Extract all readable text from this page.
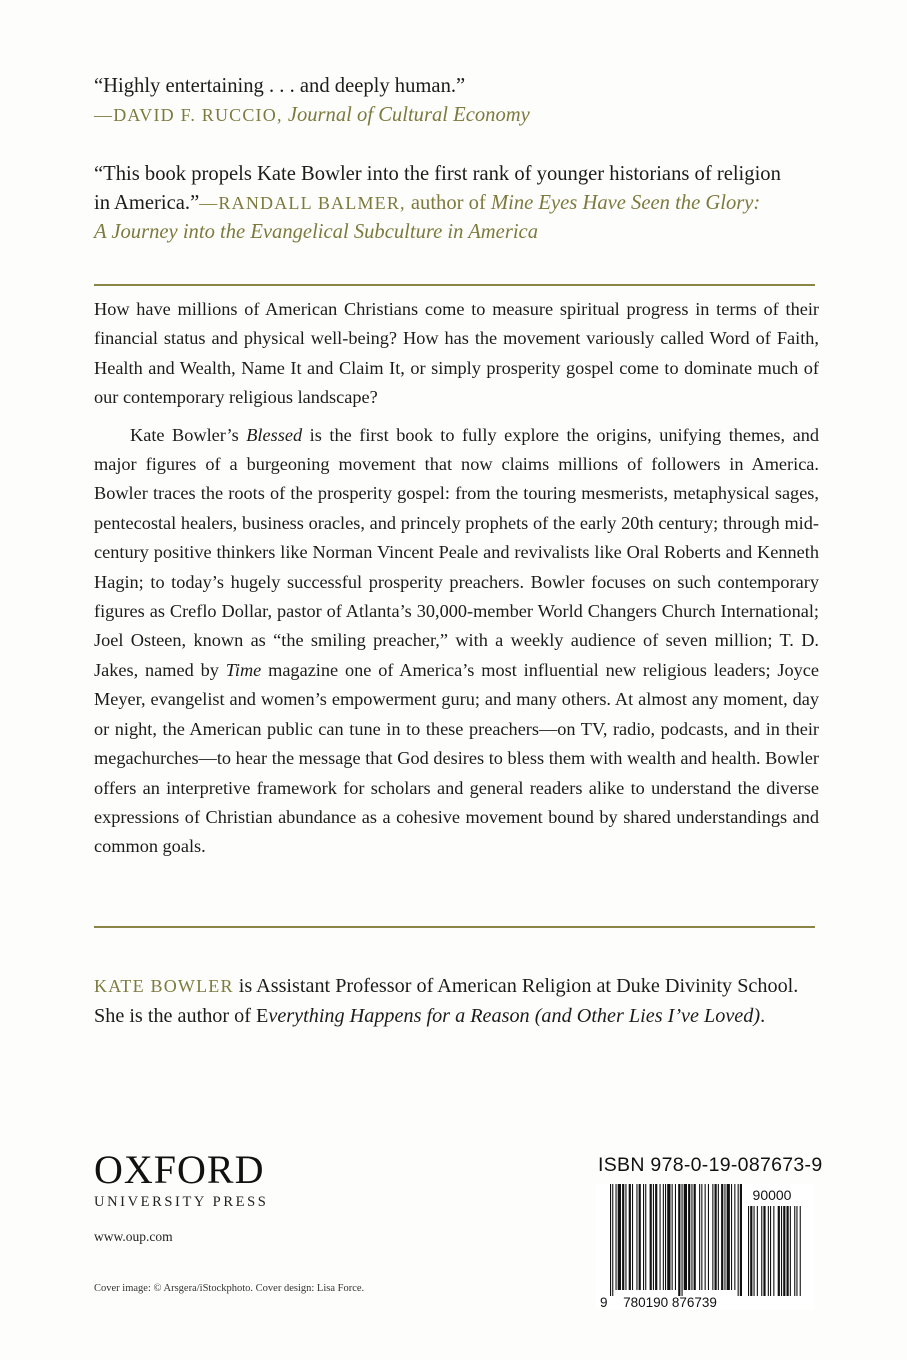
“Highly entertaining . . . and deeply human.”

—DAVID F. RUCCIO, Journal of Cultural Economy

“This book propels Kate Bowler into the first rank of younger historians of religion

in America.”—RANDALL BALMER, author of Mine Eyes Have Seen the Glory:

A Journey into the Evangelical Subculture in America

How have millions of American Christians come to measure spiritual progress in terms of their financial status and physical well-being? How has the movement variously called Word of Faith, Health and Wealth, Name It and Claim It, or simply prosperity gospel come to dominate much of our contemporary religious landscape?

Kate Bowler’s Blessed is the first book to fully explore the origins, unifying themes, and major figures of a burgeoning movement that now claims millions of followers in America. Bowler traces the roots of the prosperity gospel: from the touring mesmerists, metaphysical sages, pentecostal healers, business oracles, and princely prophets of the early 20th century; through mid-century positive thinkers like Norman Vincent Peale and revivalists like Oral Roberts and Kenneth Hagin; to today’s hugely successful prosperity preachers. Bowler focuses on such contemporary figures as Creflo Dollar, pastor of Atlanta’s 30,000-member World Changers Church International; Joel Osteen, known as “the smiling preacher,” with a weekly audience of seven million; T. D. Jakes, named by Time magazine one of America’s most influential new religious leaders; Joyce Meyer, evangelist and women’s empowerment guru; and many others. At almost any moment, day or night, the American public can tune in to these preachers—on TV, radio, podcasts, and in their megachurches—to hear the message that God desires to bless them with wealth and health. Bowler offers an interpretive framework for scholars and general readers alike to understand the diverse expressions of Christian abundance as a cohesive movement bound by shared understandings and common goals.

KATE BOWLER is Assistant Professor of American Religion at Duke Divinity School. She is the author of Everything Happens for a Reason (and Other Lies I’ve Loved).

OXFORD
UNIVERSITY PRESS
www.oup.com
Cover image: © Arsgera/iStockphoto. Cover design: Lisa Force.
ISBN 978-0-19-087673-9
90000
9 780190 876739
